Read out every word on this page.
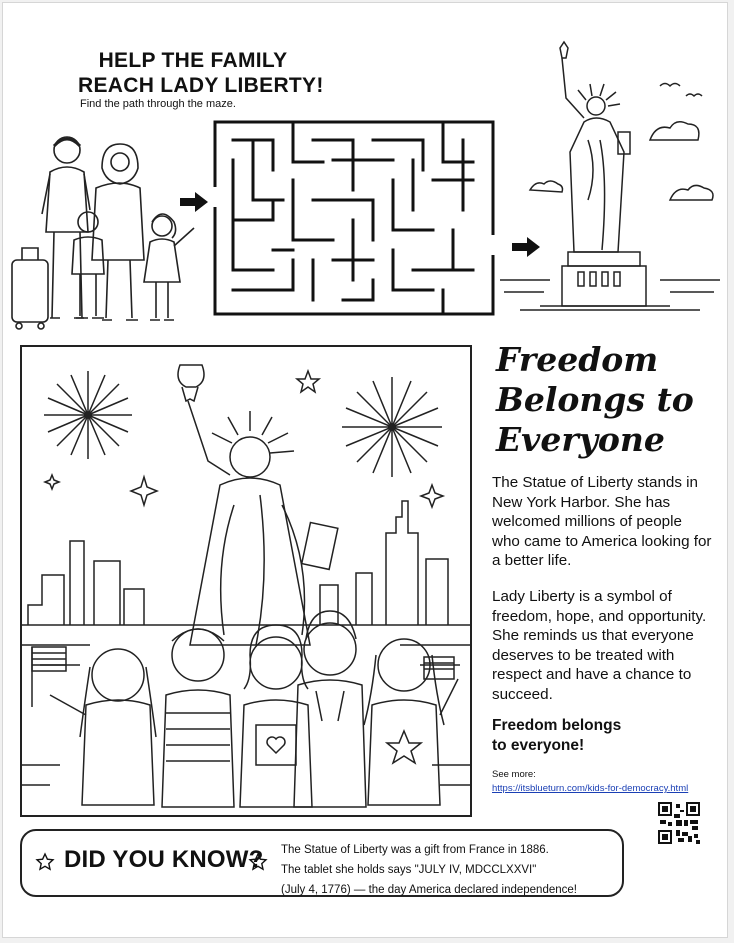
HELP THE FAMILY
REACH LADY LIBERTY!
Find the path through the maze.
Freedom
Belongs to
Everyone
The Statue of Liberty stands in New York Harbor. She has welcomed millions of people who came to America looking for a better life.
Lady Liberty is a symbol of freedom, hope, and opportunity. She reminds us that everyone deserves to be treated with respect and have a chance to succeed.
Freedom belongs
to everyone!
See more:
https://itsblueturn.com/kids-for-democracy.html
DID YOU KNOW? The Statue of Liberty was a gift from France in 1886.
The tablet she holds says "JULY IV, MDCCLXXVI"
(July 4, 1776) — the day America declared independence!
